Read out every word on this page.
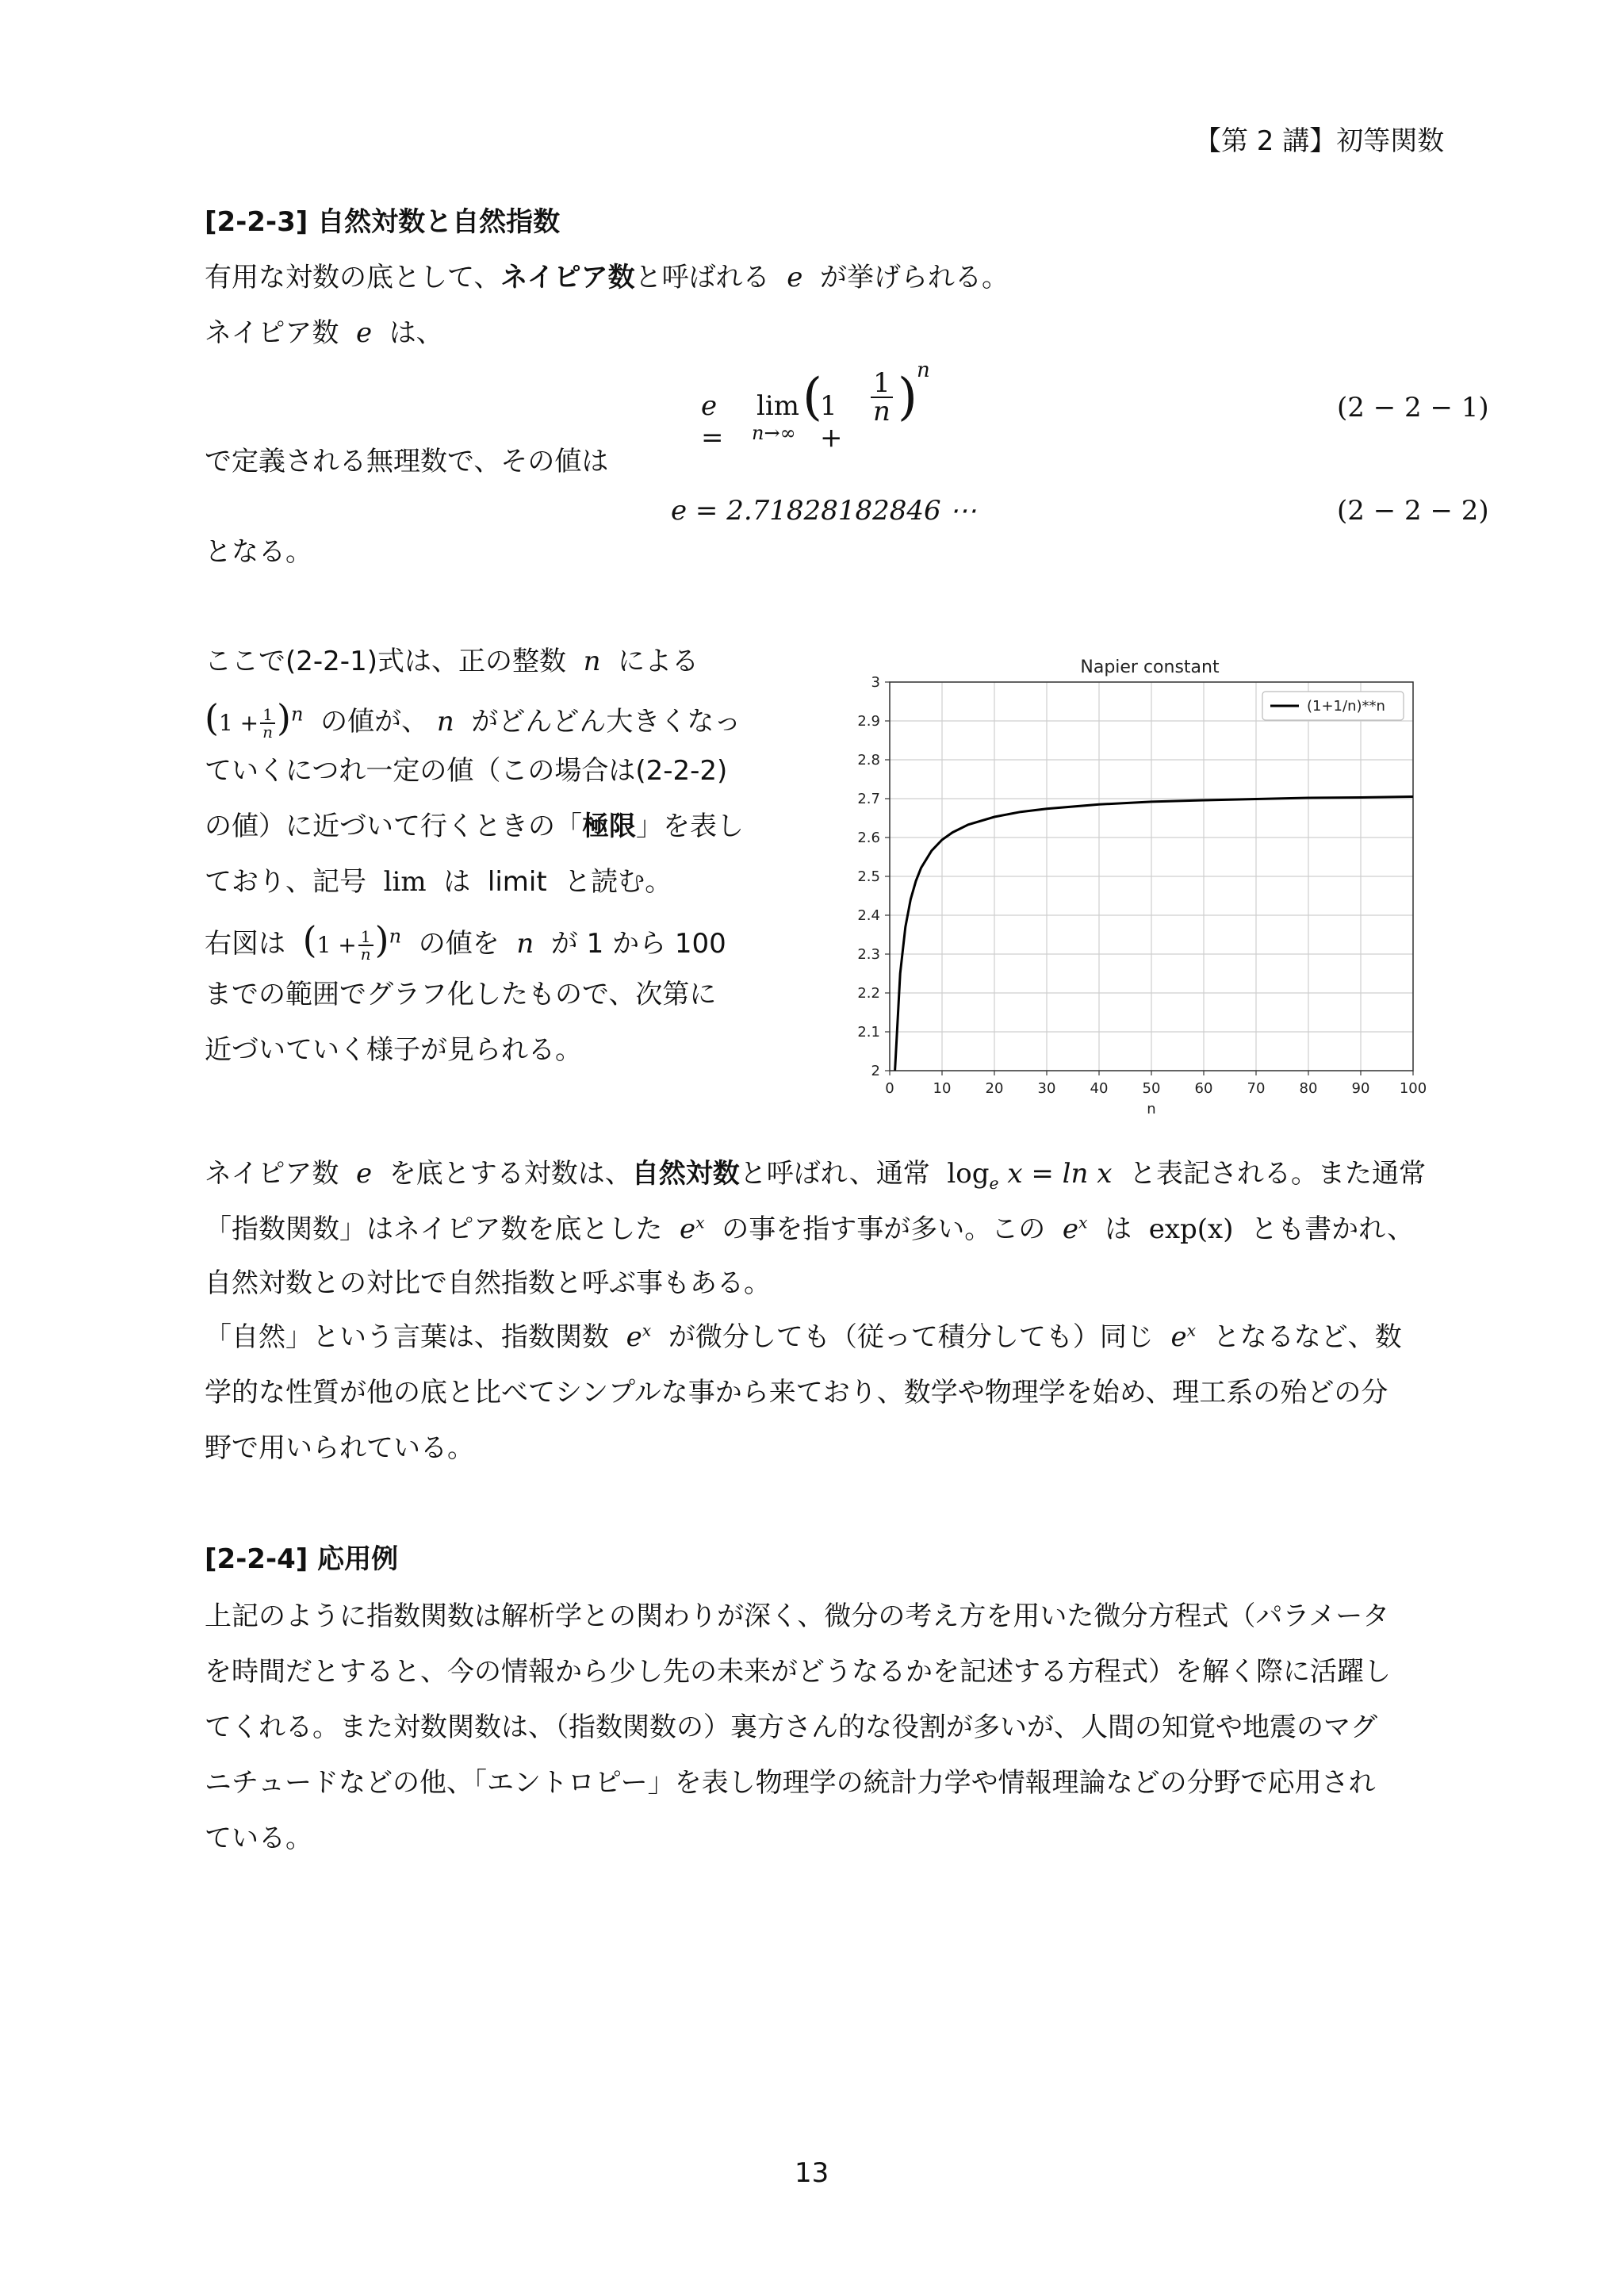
【第 2 講】初等関数
[2-2-3] 自然対数と自然指数
有用な対数の底として、ネイピア数と呼ばれる e が挙げられる。
ネイピア数 e は、
e =
lim
n→∞
(
1 +
$\frac{1}{n}$ ) n
(2 − 2 − 1)
で定義される無理数で、その値は
e = 2.71828182846 ⋯	(2 − 2 − 2)
となる。
ここで(2-2-1)式は、正の整数 n による
$(1 + \frac{1}{n} )^n$ の値が、 n がどんどん大きくなっ
ていくにつれ一定の値（この場合は(2-2-2)
の値）に近づいて行くときの「極限」を表し
ており、記号 lim は limit と読む。
右図は $(1 + \frac{1}{n} )^n$ の値を n が 1 から 100
までの範囲でグラフ化したもので、次第に
近づいていく様子が見られる。
Napier constant
0	10 20 30 40 50 60 70 80 90 100
2
2.1
2.2
2.3
2.4
2.5
2.6
2.7
2.8
2.9
3
(1+1/n)**n
n
ネイピア数 e を底とする対数は、自然対数と呼ばれ、通常 $\log_e x = \ln x$ と表記される。また通常
「指数関数」はネイピア数を底とした $e^x$ の事を指す事が多い。この $e^x$ は exp(x) とも書かれ、
自然対数との対比で自然指数と呼ぶ事もある。
「自然」という言葉は、指数関数 $e^x$ が微分しても（従って積分しても）同じ $e^x$ となるなど、数
学的な性質が他の底と比べてシンプルな事から来ており、数学や物理学を始め、理工系の殆どの分
野で用いられている。
[2-2-4] 応用例
上記のように指数関数は解析学との関わりが深く、微分の考え方を用いた微分方程式（パラメータ
を時間だとすると、今の情報から少し先の未来がどうなるかを記述する方程式）を解く際に活躍し
てくれる。また対数関数は、（指数関数の）裏方さん的な役割が多いが、人間の知覚や地震のマグ
ニチュードなどの他、「エントロピー」を表し物理学の統計力学や情報理論などの分野で応用され
ている。
13
